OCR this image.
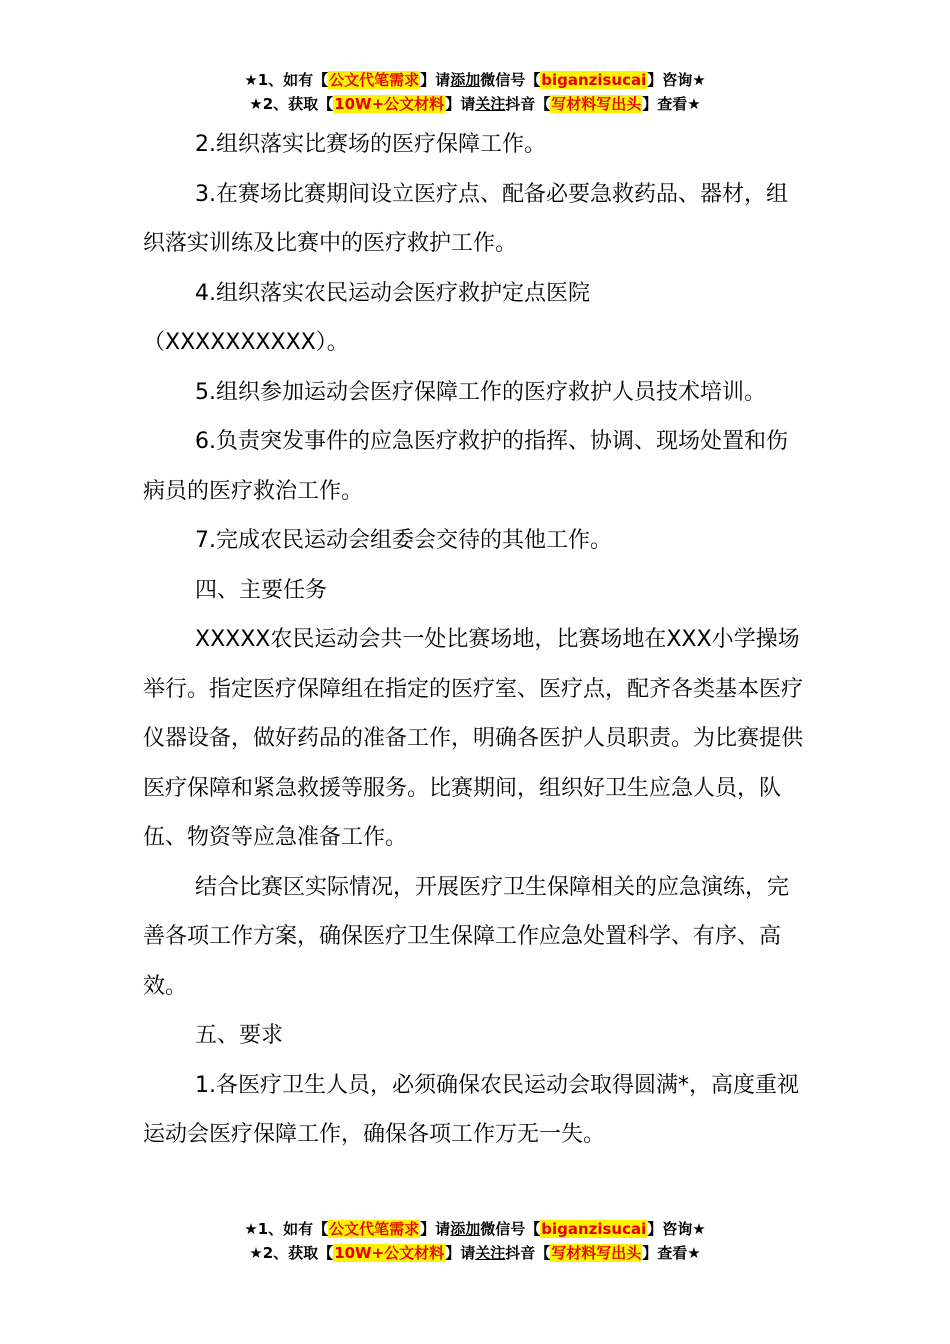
★1、如有【公文代笔需求】请添加微信号【biganzisucai】咨询★
★2、获取【10W+公文材料】请关注抖音【写材料写出头】查看★

2.组织落实比赛场的医疗保障工作。

3.在赛场比赛期间设立医疗点、配备必要急救药品、器材，组织落实训练及比赛中的医疗救护工作。

4.组织落实农民运动会医疗救护定点医院

（XXXXXXXXXX）。

5.组织参加运动会医疗保障工作的医疗救护人员技术培训。

6.负责突发事件的应急医疗救护的指挥、协调、现场处置和伤病员的医疗救治工作。

7.完成农民运动会组委会交待的其他工作。

四、主要任务

XXXXX农民运动会共一处比赛场地，比赛场地在XXX小学操场举行。指定医疗保障组在指定的医疗室、医疗点，配齐各类基本医疗仪器设备，做好药品的准备工作，明确各医护人员职责。为比赛提供医疗保障和紧急救援等服务。比赛期间，组织好卫生应急人员，队伍、物资等应急准备工作。

结合比赛区实际情况，开展医疗卫生保障相关的应急演练，完善各项工作方案，确保医疗卫生保障工作应急处置科学、有序、高效。

五、要求

1.各医疗卫生人员，必须确保农民运动会取得圆满*，高度重视运动会医疗保障工作，确保各项工作万无一失。

★1、如有【公文代笔需求】请添加微信号【biganzisucai】咨询★
★2、获取【10W+公文材料】请关注抖音【写材料写出头】查看★
